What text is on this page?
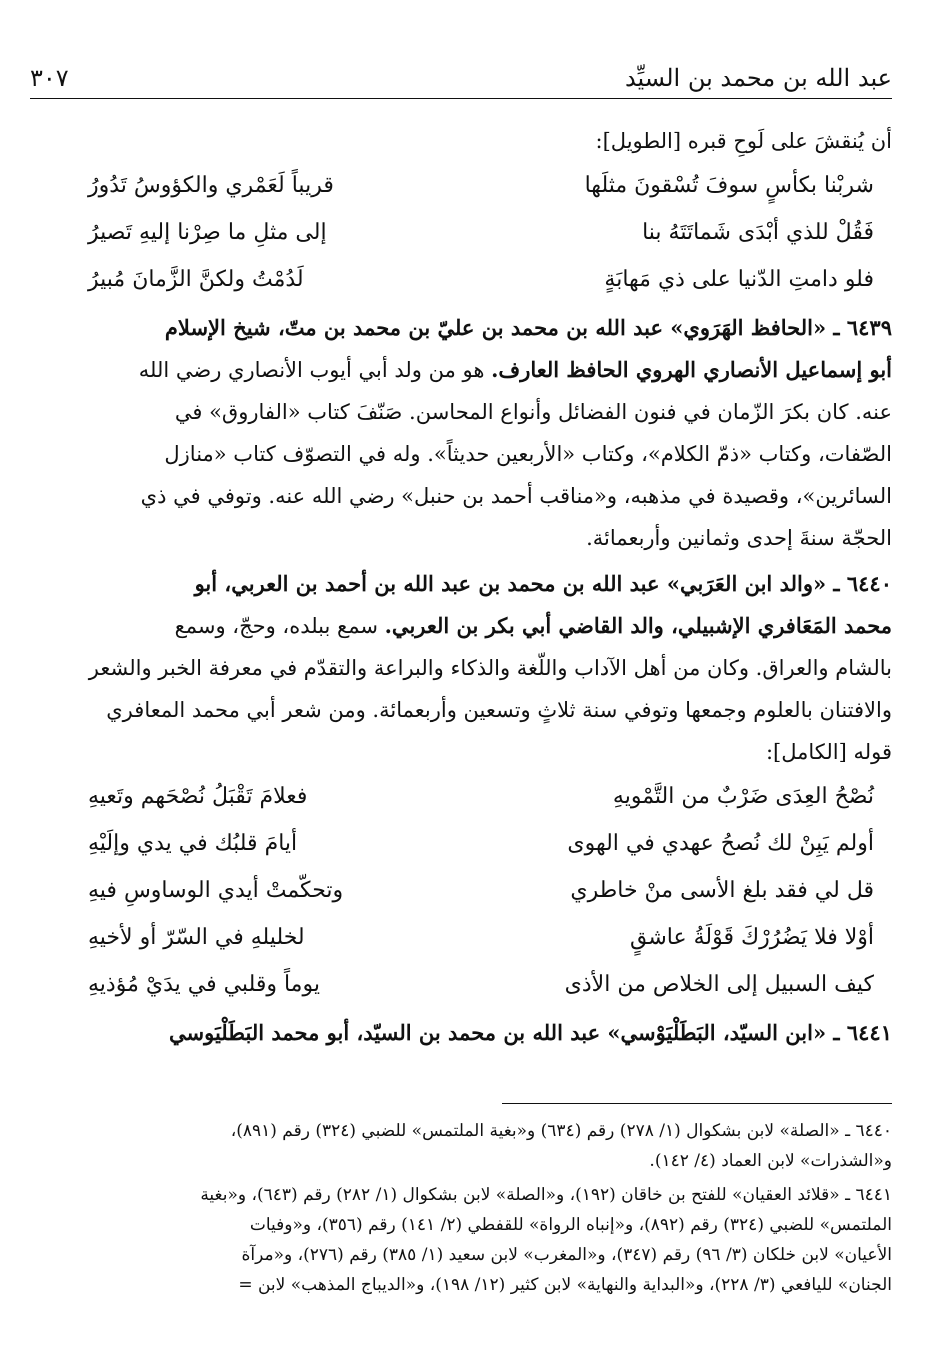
عبد الله بن محمد بن السيِّد
٣٠٧
أن يُنقشَ على لَوحِ قبره [الطويل]:
شربْنا بكأسٍ سوفَ تُسْقونَ مثلَها
قريباً لَعَمْري والكؤوسُ تَدُورُ
فَقُلْ للذي أبْدَى شَماتَتَهُ بنا
إلى مثلِ ما صِرْنا إليهِ تَصيرُ
فلو دامتِ الدّنيا على ذي مَهابَةٍ
لَدُمْتُ ولكنَّ الزَّمانَ مُبيرُ
٦٤٣٩ ـ «الحافظ الهَرَوي» عبد الله بن محمد بن عليّ بن محمد بن متّ، شيخ الإسلام
أبو إسماعيل الأنصاري الهروي الحافظ العارف. هو من ولد أبي أيوب الأنصاري رضي الله
عنه. كان بكرَ الزّمان في فنون الفضائل وأنواع المحاسن. صَنّفَ كتاب «الفاروق» في
الصّفات، وكتاب «ذمّ الكلام»، وكتاب «الأربعين حديثاً». وله في التصوّف كتاب «منازل
السائرين»، وقصيدة في مذهبه، و«مناقب أحمد بن حنبل» رضي الله عنه. وتوفي في ذي
الحجّة سنةَ إحدى وثمانين وأربعمائة.
٦٤٤٠ ـ «والد ابن العَرَبي» عبد الله بن محمد بن عبد الله بن أحمد بن العربي، أبو
محمد المَعَافري الإشبيلي، والد القاضي أبي بكر بن العربي. سمع ببلده، وحجّ، وسمع
بالشام والعراق. وكان من أهل الآداب واللّغة والذكاء والبراعة والتقدّم في معرفة الخبر والشعر
والافتنان بالعلوم وجمعها وتوفي سنة ثلاثٍ وتسعين وأربعمائة. ومن شعر أبي محمد المعافري
قوله [الكامل]:
نُصْحُ العِدَى ضَرْبٌ من التَّمْويهِ
فعلامَ تَقْبَلُ نُصْحَهم وتَعيهِ
أولم يَبِنْ لك نُصحُ عهدي في الهوى
أيامَ قلبُك في يدي وإلَيْهِ
قل لي فقد بلغ الأسى منْ خاطري
وتحكّمتْ أيدي الوساوسِ فيهِ
أوْلا فلا يَضُرُرْكَ قَوْلَةُ عاشقٍ
لخليلهِ في السّرّ أو لأخيهِ
كيف السبيل إلى الخلاص من الأذى
يوماً وقلبي في يدَيْ مُؤذيهِ
٦٤٤١ ـ «ابن السيّد، البَطَلْيَوْسي» عبد الله بن محمد بن السيّد، أبو محمد البَطَلْيَوسي

٦٤٤٠ ـ «الصلة» لابن بشكوال (١/ ٢٧٨) رقم (٦٣٤) و«بغية الملتمس» للضبي (٣٢٤) رقم (٨٩١)،
و«الشذرات» لابن العماد (٤/ ١٤٢).

٦٤٤١ ـ «قلائد العقيان» للفتح بن خاقان (١٩٢)، و«الصلة» لابن بشكوال (١/ ٢٨٢) رقم (٦٤٣)، و«بغية
الملتمس» للضبي (٣٢٤) رقم (٨٩٢)، و«إنباه الرواة» للقفطي (٢/ ١٤١) رقم (٣٥٦)، و«وفيات
الأعيان» لابن خلكان (٣/ ٩٦) رقم (٣٤٧)، و«المغرب» لابن سعيد (١/ ٣٨٥) رقم (٢٧٦)، و«مرآة
الجنان» لليافعي (٣/ ٢٢٨)، و«البداية والنهاية» لابن كثير (١٢/ ١٩٨)، و«الديباج المذهب» لابن =
